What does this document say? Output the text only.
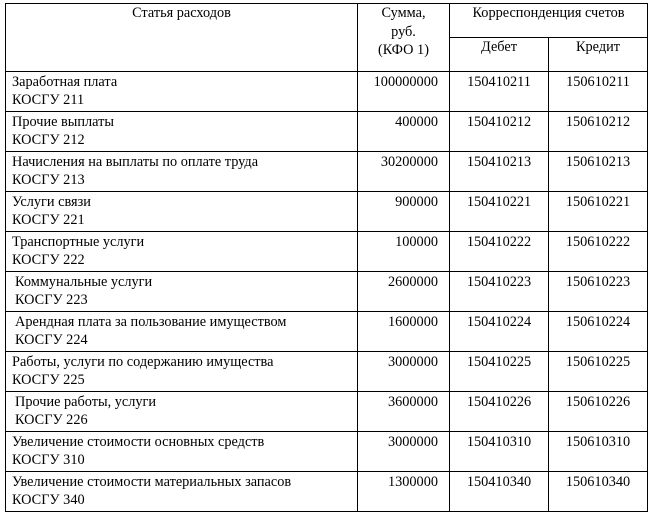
Статья расходов	Сумма,
руб.
(КФО 1)	Корреспонденция счетов	
		Дебет	Кредит

Заработная плата
КОСГУ 211	100000000	150410211	150610211

Прочие выплаты
КОСГУ 212	400000	150410212	150610212

Начисления на выплаты по оплате труда
КОСГУ 213	30200000	150410213	150610213

Услуги связи
КОСГУ 221	900000	150410221	150610221

Транспортные услуги
КОСГУ 222	100000	150410222	150610222

Коммунальные услуги
КОСГУ 223	2600000	150410223	150610223

Арендная плата за пользование имуществом
КОСГУ 224	1600000	150410224	150610224

Работы, услуги по содержанию имущества
КОСГУ 225	3000000	150410225	150610225

Прочие работы, услуги
КОСГУ 226	3600000	150410226	150610226

Увеличение стоимости основных средств
КОСГУ 310	3000000	150410310	150610310

Увеличение стоимости материальных запасов
КОСГУ 340	1300000	150410340	150610340
